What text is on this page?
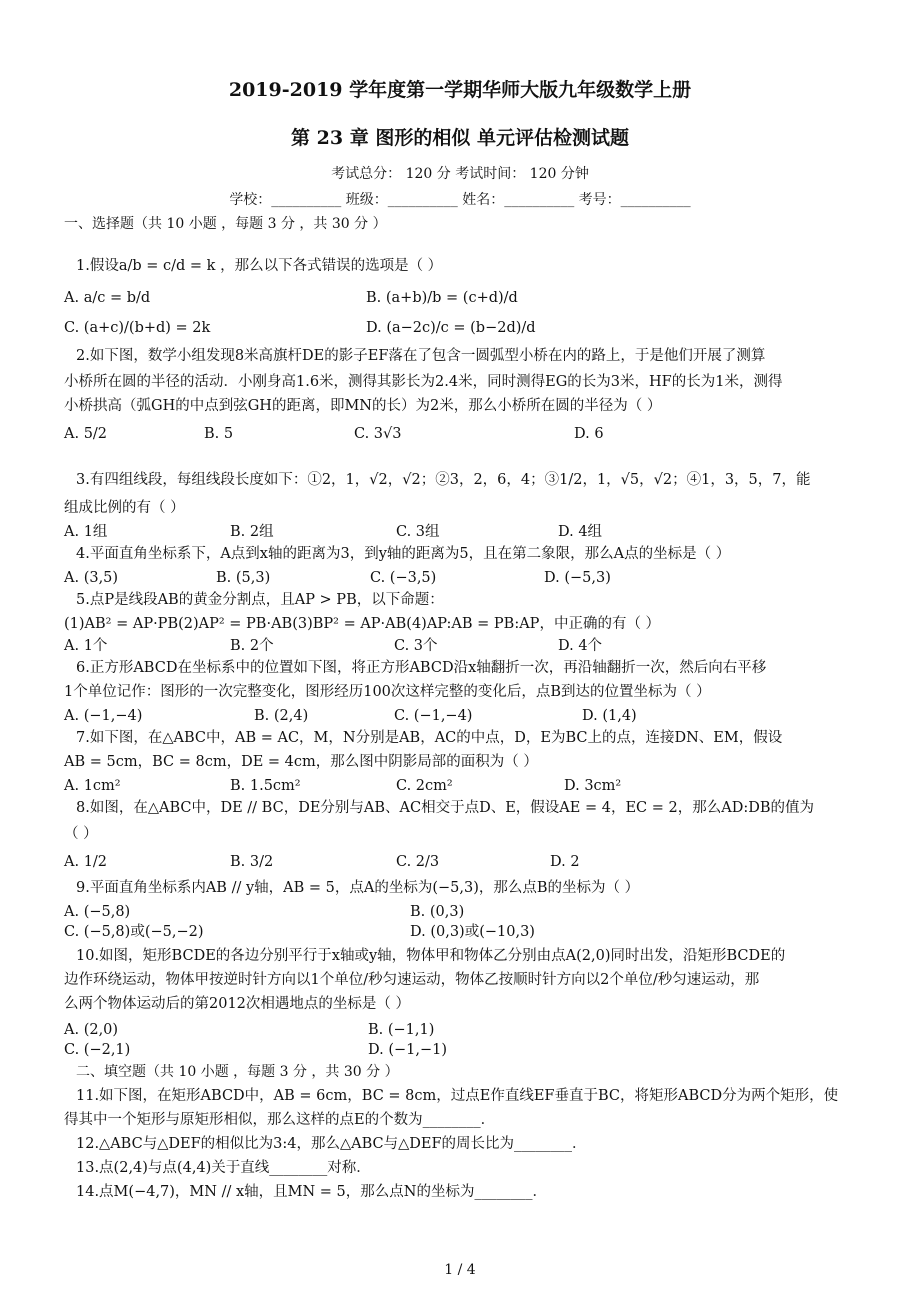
2019-2019 学年度第一学期华师大版九年级数学上册
第 23 章 图形的相似 单元评估检测试题
考试总分： 120 分 考试时间： 120 分钟
学校：__________ 班级：__________ 姓名：__________ 考号：__________
一、选择题（共 10 小题 ，每题 3 分 ，共 30 分 ）
1.假设a/b = c/d = k ，那么以下各式错误的选项是（ ）
A. a/c = b/d	B. (a+b)/b = (c+d)/d
C. (a+c)/(b+d) = 2k	D. (a−2c)/c = (b−2d)/d
2.如下图，数学小组发现8米高旗杆DE的影子EF落在了包含一圆弧型小桥在内的路上，于是他们开展了测算
小桥所在圆的半径的活动．小刚身高1.6米，测得其影长为2.4米，同时测得EG的长为3米，HF的长为1米，测得
小桥拱高（弧GH的中点到弦GH的距离，即MN的长）为2米，那么小桥所在圆的半径为（ ）
A. 5/2	B. 5	C. 3√3	D. 6
3.有四组线段，每组线段长度如下：①2，1，√2，√2；②3，2，6，4；③1/2，1，√5，√2；④1，3，5，7，能
组成比例的有（ ）
A. 1组	B. 2组	C. 3组	D. 4组
4.平面直角坐标系下，A点到x轴的距离为3，到y轴的距离为5，且在第二象限，那么A点的坐标是（ ）
A. (3,5)	B. (5,3)	C. (−3,5)	D. (−5,3)
5.点P是线段AB的黄金分割点，且AP > PB，以下命题：
(1)AB² = AP·PB(2)AP² = PB·AB(3)BP² = AP·AB(4)AP:AB = PB:AP，中正确的有（ ）
A. 1个	B. 2个	C. 3个	D. 4个
6.正方形ABCD在坐标系中的位置如下图，将正方形ABCD沿x轴翻折一次，再沿轴翻折一次，然后向右平移
1个单位记作：图形的一次完整变化，图形经历100次这样完整的变化后，点B到达的位置坐标为（ ）
A. (−1,−4)	B. (2,4)	C. (−1,−4)	D. (1,4)
7.如下图，在△ABC中，AB = AC，M，N分别是AB，AC的中点，D，E为BC上的点，连接DN、EM，假设
AB = 5cm，BC = 8cm，DE = 4cm，那么图中阴影局部的面积为（ ）
A. 1cm²	B. 1.5cm²	C. 2cm²	D. 3cm²
8.如图，在△ABC中，DE // BC，DE分别与AB、AC相交于点D、E，假设AE = 4，EC = 2，那么AD:DB的值为
（ ）
A. 1/2	B. 3/2	C. 2/3	D. 2
9.平面直角坐标系内AB // y轴，AB = 5，点A的坐标为(−5,3)，那么点B的坐标为（ ）
A. (−5,8)	B. (0,3)
C. (−5,8)或(−5,−2)	D. (0,3)或(−10,3)
10.如图，矩形BCDE的各边分别平行于x轴或y轴，物体甲和物体乙分别由点A(2,0)同时出发，沿矩形BCDE的
边作环绕运动，物体甲按逆时针方向以1个单位/秒匀速运动，物体乙按顺时针方向以2个单位/秒匀速运动，那
么两个物体运动后的第2012次相遇地点的坐标是（ ）
A. (2,0)	B. (−1,1)
C. (−2,1)	D. (−1,−1)
二、填空题（共 10 小题 ，每题 3 分 ，共 30 分 ）
11.如下图，在矩形ABCD中，AB = 6cm，BC = 8cm，过点E作直线EF垂直于BC，将矩形ABCD分为两个矩形，使
得其中一个矩形与原矩形相似，那么这样的点E的个数为________．
12.△ABC与△DEF的相似比为3:4，那么△ABC与△DEF的周长比为________．
13.点(2,4)与点(4,4)关于直线________对称．
14.点M(−4,7)，MN // x轴，且MN = 5，那么点N的坐标为________．
1 / 4
